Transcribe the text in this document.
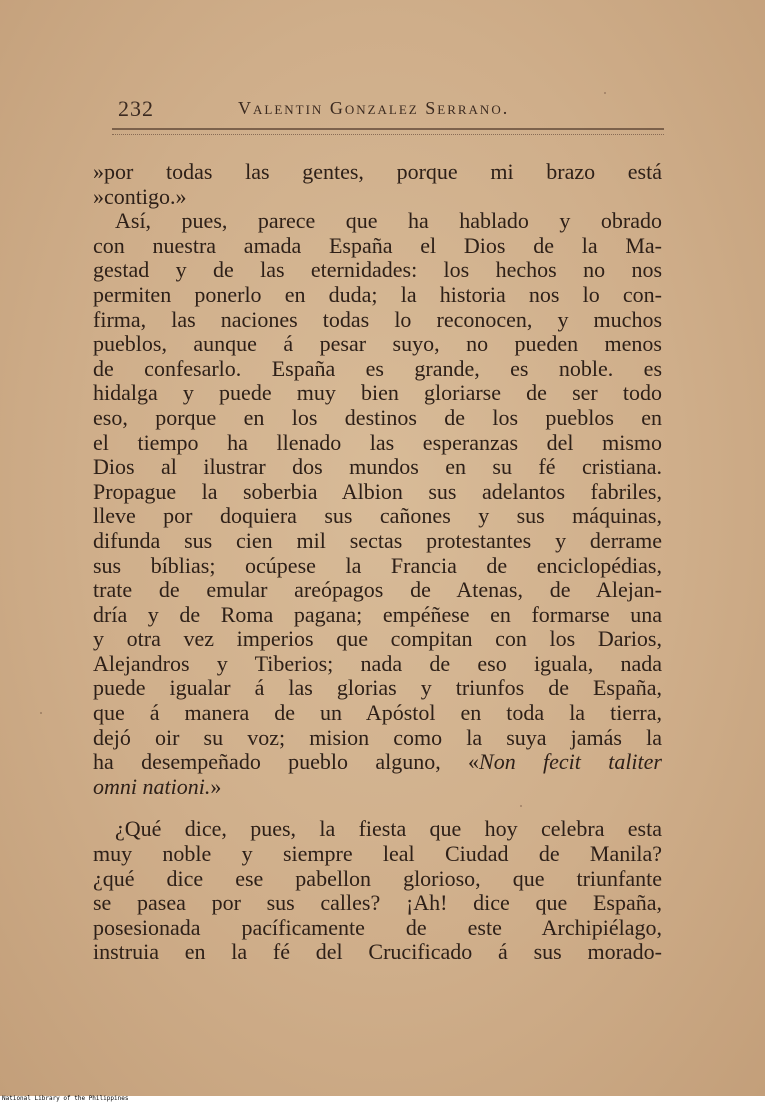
232	Valentin Gonzalez Serrano.
»por todas las gentes, porque mi brazo está
»contigo.»
Así, pues, parece que ha hablado y obrado
con nuestra amada España el Dios de la Ma-
gestad y de las eternidades: los hechos no nos
permiten ponerlo en duda; la historia nos lo con-
firma, las naciones todas lo reconocen, y muchos
pueblos, aunque á pesar suyo, no pueden menos
de confesarlo. España es grande, es noble. es
hidalga y puede muy bien gloriarse de ser todo
eso, porque en los destinos de los pueblos en
el tiempo ha llenado las esperanzas del mismo
Dios al ilustrar dos mundos en su fé cristiana.
Propague la soberbia Albion sus adelantos fabriles,
lleve por doquiera sus cañones y sus máquinas,
difunda sus cien mil sectas protestantes y derrame
sus bíblias; ocúpese la Francia de enciclopédias,
trate de emular areópagos de Atenas, de Alejan-
dría y de Roma pagana; empéñese en formarse una
y otra vez imperios que compitan con los Darios,
Alejandros y Tiberios; nada de eso iguala, nada
puede igualar á las glorias y triunfos de España,
que á manera de un Apóstol en toda la tierra,
dejó oir su voz; mision como la suya jamás la
ha desempeñado pueblo alguno, «Non fecit taliter
omni nationi.»
¿Qué dice, pues, la fiesta que hoy celebra esta
muy noble y siempre leal Ciudad de Manila?
¿qué dice ese pabellon glorioso, que triunfante
se pasea por sus calles? ¡Ah! dice que España,
posesionada pacíficamente de este Archipiélago,
instruia en la fé del Crucificado á sus morado-
National Library of the Philippines
